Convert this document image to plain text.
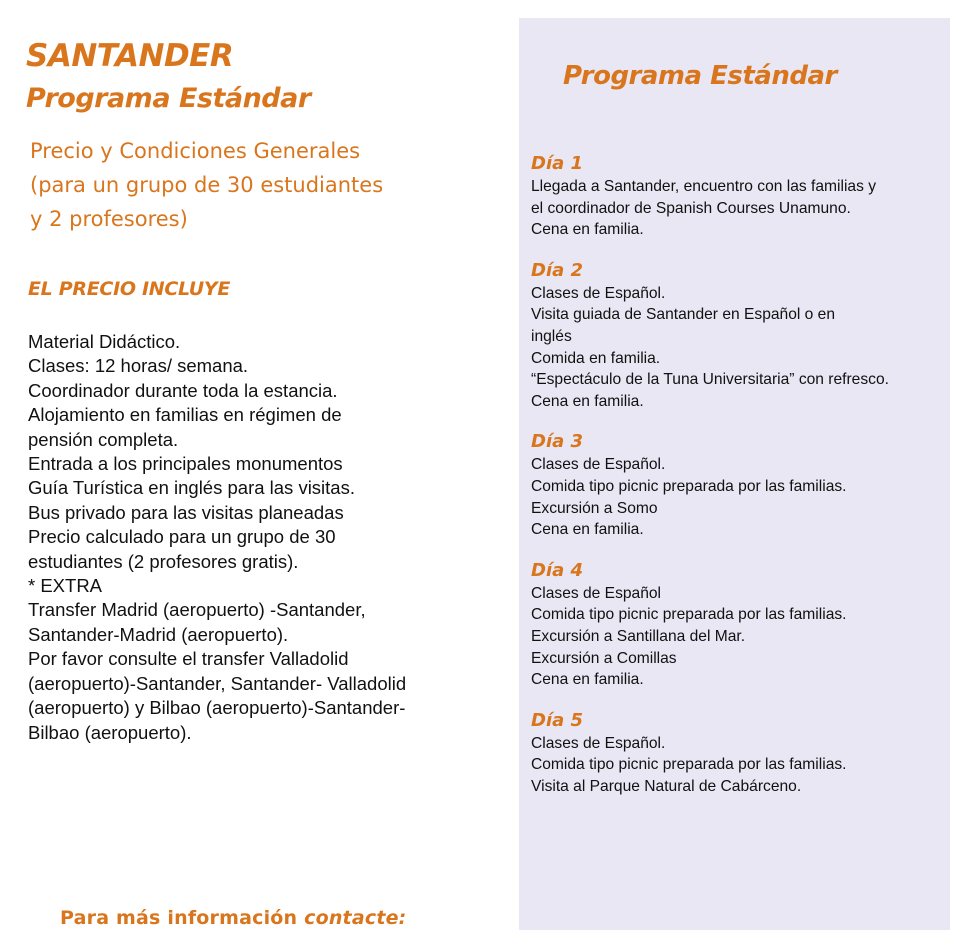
SANTANDER
Programa Estándar
Precio y Condiciones Generales
(para un grupo de 30 estudiantes
y 2 profesores)
EL PRECIO INCLUYE
Material Didáctico.
Clases: 12 horas/ semana.
Coordinador durante toda la estancia.
Alojamiento en familias en régimen de
pensión completa.
Entrada a los principales monumentos
Guía Turística en inglés para las visitas.
Bus privado para las visitas planeadas
Precio calculado para un grupo de 30
estudiantes (2 profesores gratis).
* EXTRA
Transfer Madrid (aeropuerto) -Santander,
Santander-Madrid (aeropuerto).
Por favor consulte el transfer Valladolid
(aeropuerto)-Santander, Santander- Valladolid
(aeropuerto) y Bilbao (aeropuerto)-Santander-
Bilbao (aeropuerto).
Para más información contacte:
Programa Estándar
Día 1
Llegada a Santander, encuentro con las familias y
el coordinador de Spanish Courses Unamuno.
Cena en familia.
Día 2
Clases de Español.
Visita guiada de Santander en Español o en
inglés
Comida en familia.
“Espectáculo de la Tuna Universitaria” con refresco.
Cena en familia.
Día 3
Clases de Español.
Comida tipo picnic preparada por las familias.
Excursión a Somo
Cena en familia.
Día 4
Clases de Español
Comida tipo picnic preparada por las familias.
Excursión a Santillana del Mar.
Excursión a Comillas
Cena en familia.
Día 5
Clases de Español.
Comida tipo picnic preparada por las familias.
Visita al Parque Natural de Cabárceno.
